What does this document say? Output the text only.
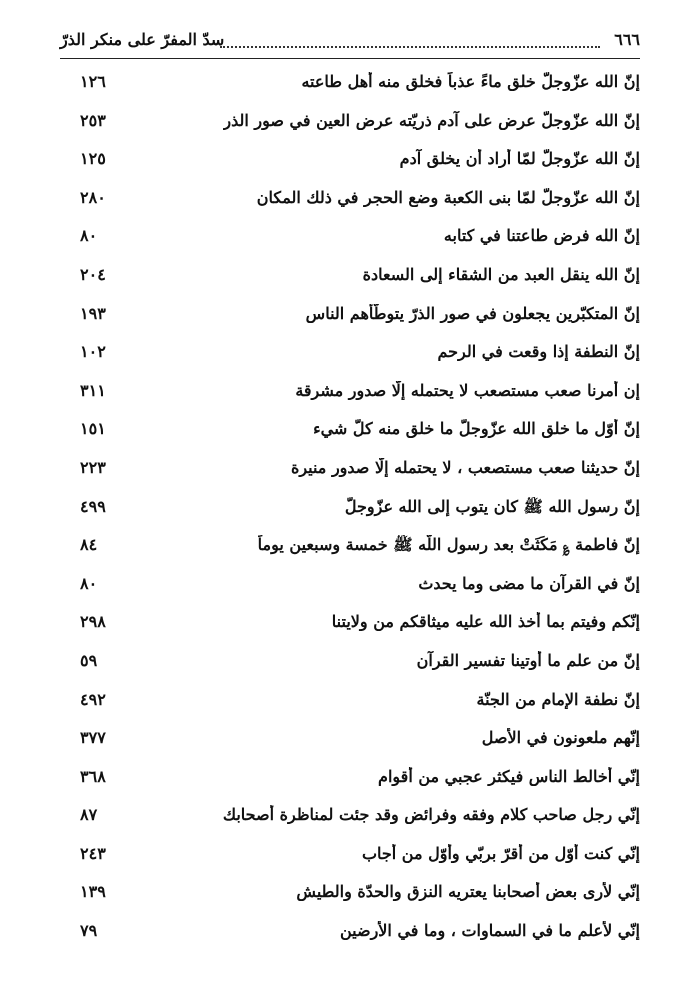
٦٦٦
سدّ المفرّ على منكر الذرّ
إنّ الله عزّوجلّ خلق ماءً عذباً فخلق منه أهل طاعته
١٢٦
إنّ الله عزّوجلّ عرض على آدم ذريّته عرض العين في صور الذر
٢٥٣
إنّ الله عزّوجلّ لمّا أراد أن يخلق آدم
١٢٥
إنّ الله عزّوجلّ لمّا بنى الكعبة وضع الحجر في ذلك المكان
٢٨٠
إنّ الله فرض طاعتنا في كتابه
٨٠
إنّ الله ينقل العبد من الشقاء إلى السعادة
٢٠٤
إنّ المتكبّرين يجعلون في صور الذرّ يتوطّأهم الناس
١٩٣
إنّ النطفة إذا وقعت في الرحم
١٠٢
إن أمرنا صعب مستصعب لا يحتمله إلّا صدور مشرقة
٣١١
إنّ أوّل ما خلق الله عزّوجلّ ما خلق منه كلّ شيء
١٥١
إنّ حديثنا صعب مستصعب ، لا يحتمله إلّا صدور منيرة
٢٢٣
إنّ رسول الله ﷺ كان يتوب إلى الله عزّوجلّ
٤٩٩
إنّ فاطمة ؏ مَكَثَتْ بعد رسول اللّه ﷺ خمسة وسبعين يوماً
٨٤
إنّ في القرآن ما مضى وما يحدث
٨٠
إنّكم وفيتم بما أخذ الله عليه ميثاقكم من ولايتنا
٢٩٨
إنّ من علم ما أوتينا تفسير القرآن
٥٩
إنّ نطفة الإمام من الجنّة
٤٩٢
إنّهم ملعونون في الأصل
٣٧٧
إنّي أخالط الناس فيكثر عجبي من أقوام
٣٦٨
إنّي رجل صاحب كلام وفقه وفرائض وقد جئت لمناظرة أصحابك
٨٧
إنّي كنت أوّل من أقرّ بربّي وأوّل من أجاب
٢٤٣
إنّي لأرى بعض أصحابنا يعتريه النزق والحدّة والطيش
١٣٩
إنّي لأعلم ما في السماوات ، وما في الأرضين
٧٩
